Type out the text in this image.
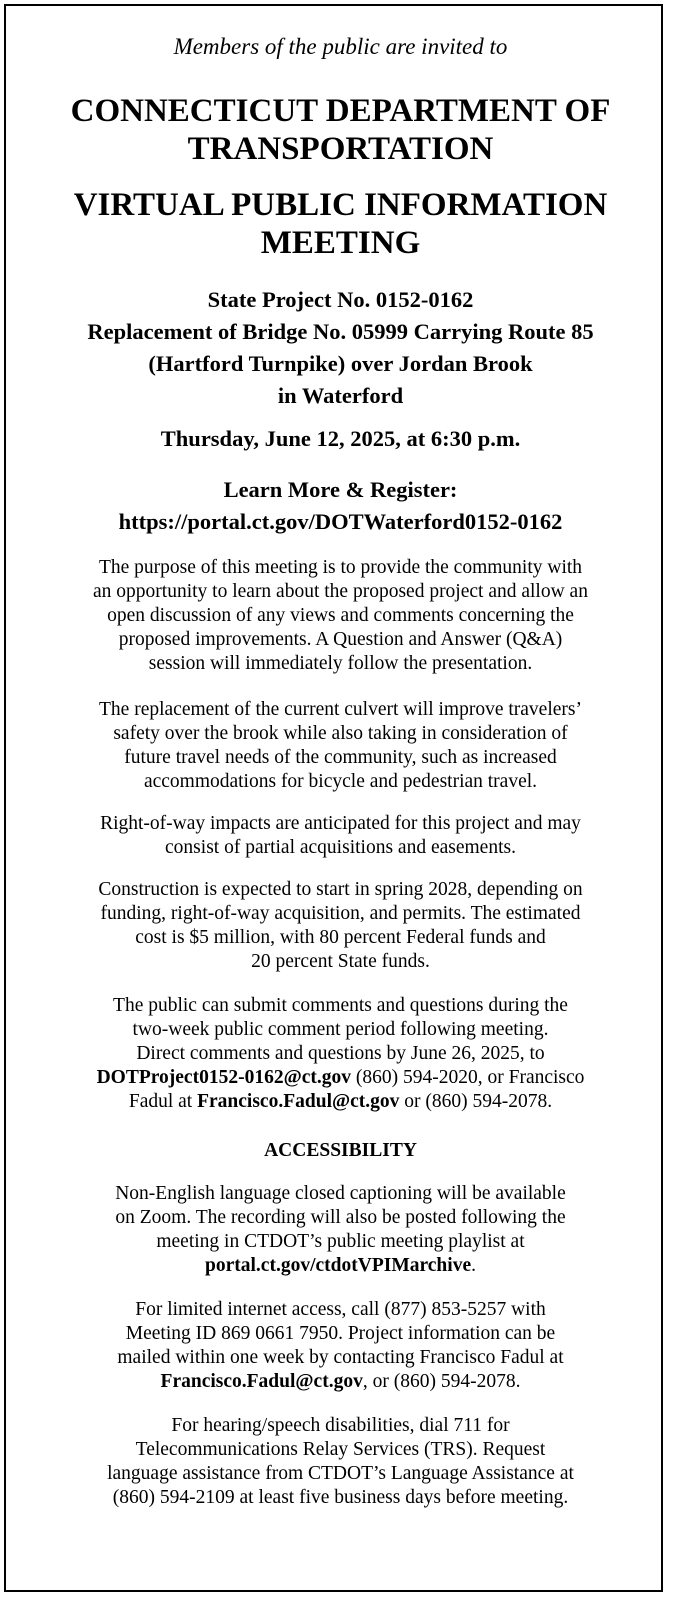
Members of the public are invited to
CONNECTICUT DEPARTMENT OF
TRANSPORTATION
VIRTUAL PUBLIC INFORMATION
MEETING
State Project No. 0152-0162
Replacement of Bridge No. 05999 Carrying Route 85
(Hartford Turnpike) over Jordan Brook
in Waterford
Thursday, June 12, 2025, at 6:30 p.m.
Learn More & Register:
https://portal.ct.gov/DOTWaterford0152-0162
The purpose of this meeting is to provide the community with
an opportunity to learn about the proposed project and allow an
open discussion of any views and comments concerning the
proposed improvements. A Question and Answer (Q&A)
session will immediately follow the presentation.
The replacement of the current culvert will improve travelers’
safety over the brook while also taking in consideration of
future travel needs of the community, such as increased
accommodations for bicycle and pedestrian travel.
Right-of-way impacts are anticipated for this project and may
consist of partial acquisitions and easements.
Construction is expected to start in spring 2028, depending on
funding, right-of-way acquisition, and permits. The estimated
cost is $5 million, with 80 percent Federal funds and
20 percent State funds.
The public can submit comments and questions during the
two-week public comment period following meeting.
Direct comments and questions by June 26, 2025, to
DOTProject0152-0162@ct.gov (860) 594-2020, or Francisco
Fadul at Francisco.Fadul@ct.gov or (860) 594-2078.
ACCESSIBILITY
Non-English language closed captioning will be available
on Zoom. The recording will also be posted following the
meeting in CTDOT’s public meeting playlist at
portal.ct.gov/ctdotVPIMarchive.
For limited internet access, call (877) 853-5257 with
Meeting ID 869 0661 7950. Project information can be
mailed within one week by contacting Francisco Fadul at
Francisco.Fadul@ct.gov, or (860) 594-2078.
For hearing/speech disabilities, dial 711 for
Telecommunications Relay Services (TRS). Request
language assistance from CTDOT’s Language Assistance at
(860) 594-2109 at least five business days before meeting.
